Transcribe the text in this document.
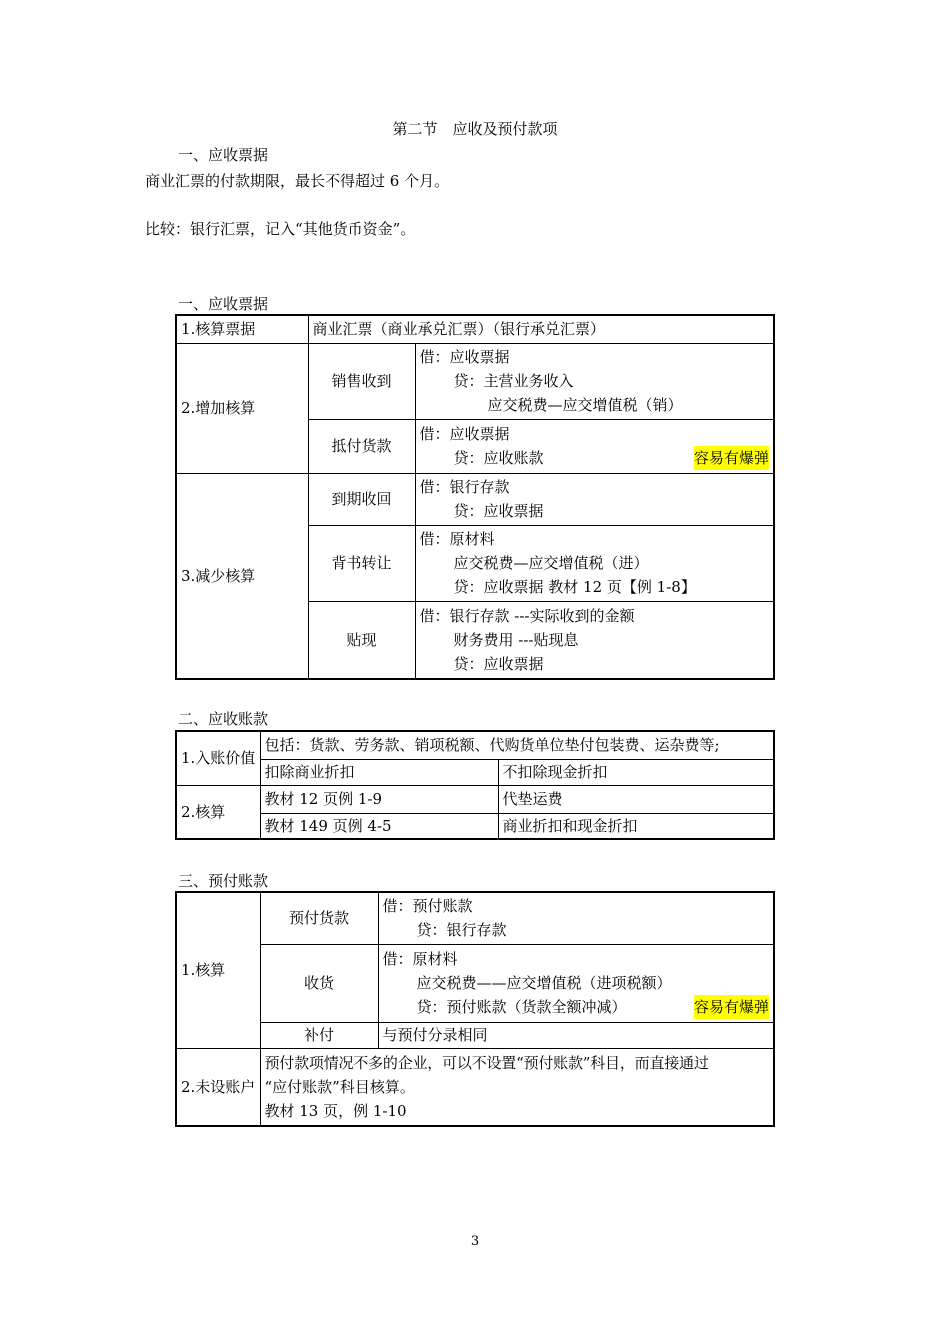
第二节　应收及预付款项
一、应收票据
商业汇票的付款期限，最长不得超过 6 个月。
比较：银行汇票，记入“其他货币资金”。
一、应收票据
1.核算票据	商业汇票（商业承兑汇票）（银行承兑汇票）	
2.增加核算	销售收到	借：应收票据
贷：主营业务收入
应交税费—应交增值税（销）

	抵付货款	借：应收票据
贷：应收账款 容易有爆弹

3.减少核算	到期收回	借：银行存款
贷：应收票据

	背书转让	借：原材料
应交税费—应交增值税（进）
贷：应收票据 教材 12 页【例 1-8】

	贴现	借：银行存款 ---实际收到的金额
财务费用 ---贴现息
贷：应收票据
二、应收账款
1.入账价值	包括：货款、劳务款、销项税额、代购货单位垫付包装费、运杂费等;	
	扣除商业折扣	不扣除现金折扣
2.核算	教材 12 页例 1-9	代垫运费
	教材 149 页例 4-5	商业折扣和现金折扣
三、预付账款
1.核算	预付货款	借：预付账款
贷：银行存款

	收货	借：原材料
应交税费——应交增值税（进项税额）
贷：预付账款（货款全额冲减） 容易有爆弹

	补付	与预付分录相同
2.未设账户	预付款项情况不多的企业，可以不设置“预付账款”科目，而直接通过
“应付账款”科目核算。
教材 13 页，例 1-10	
3
